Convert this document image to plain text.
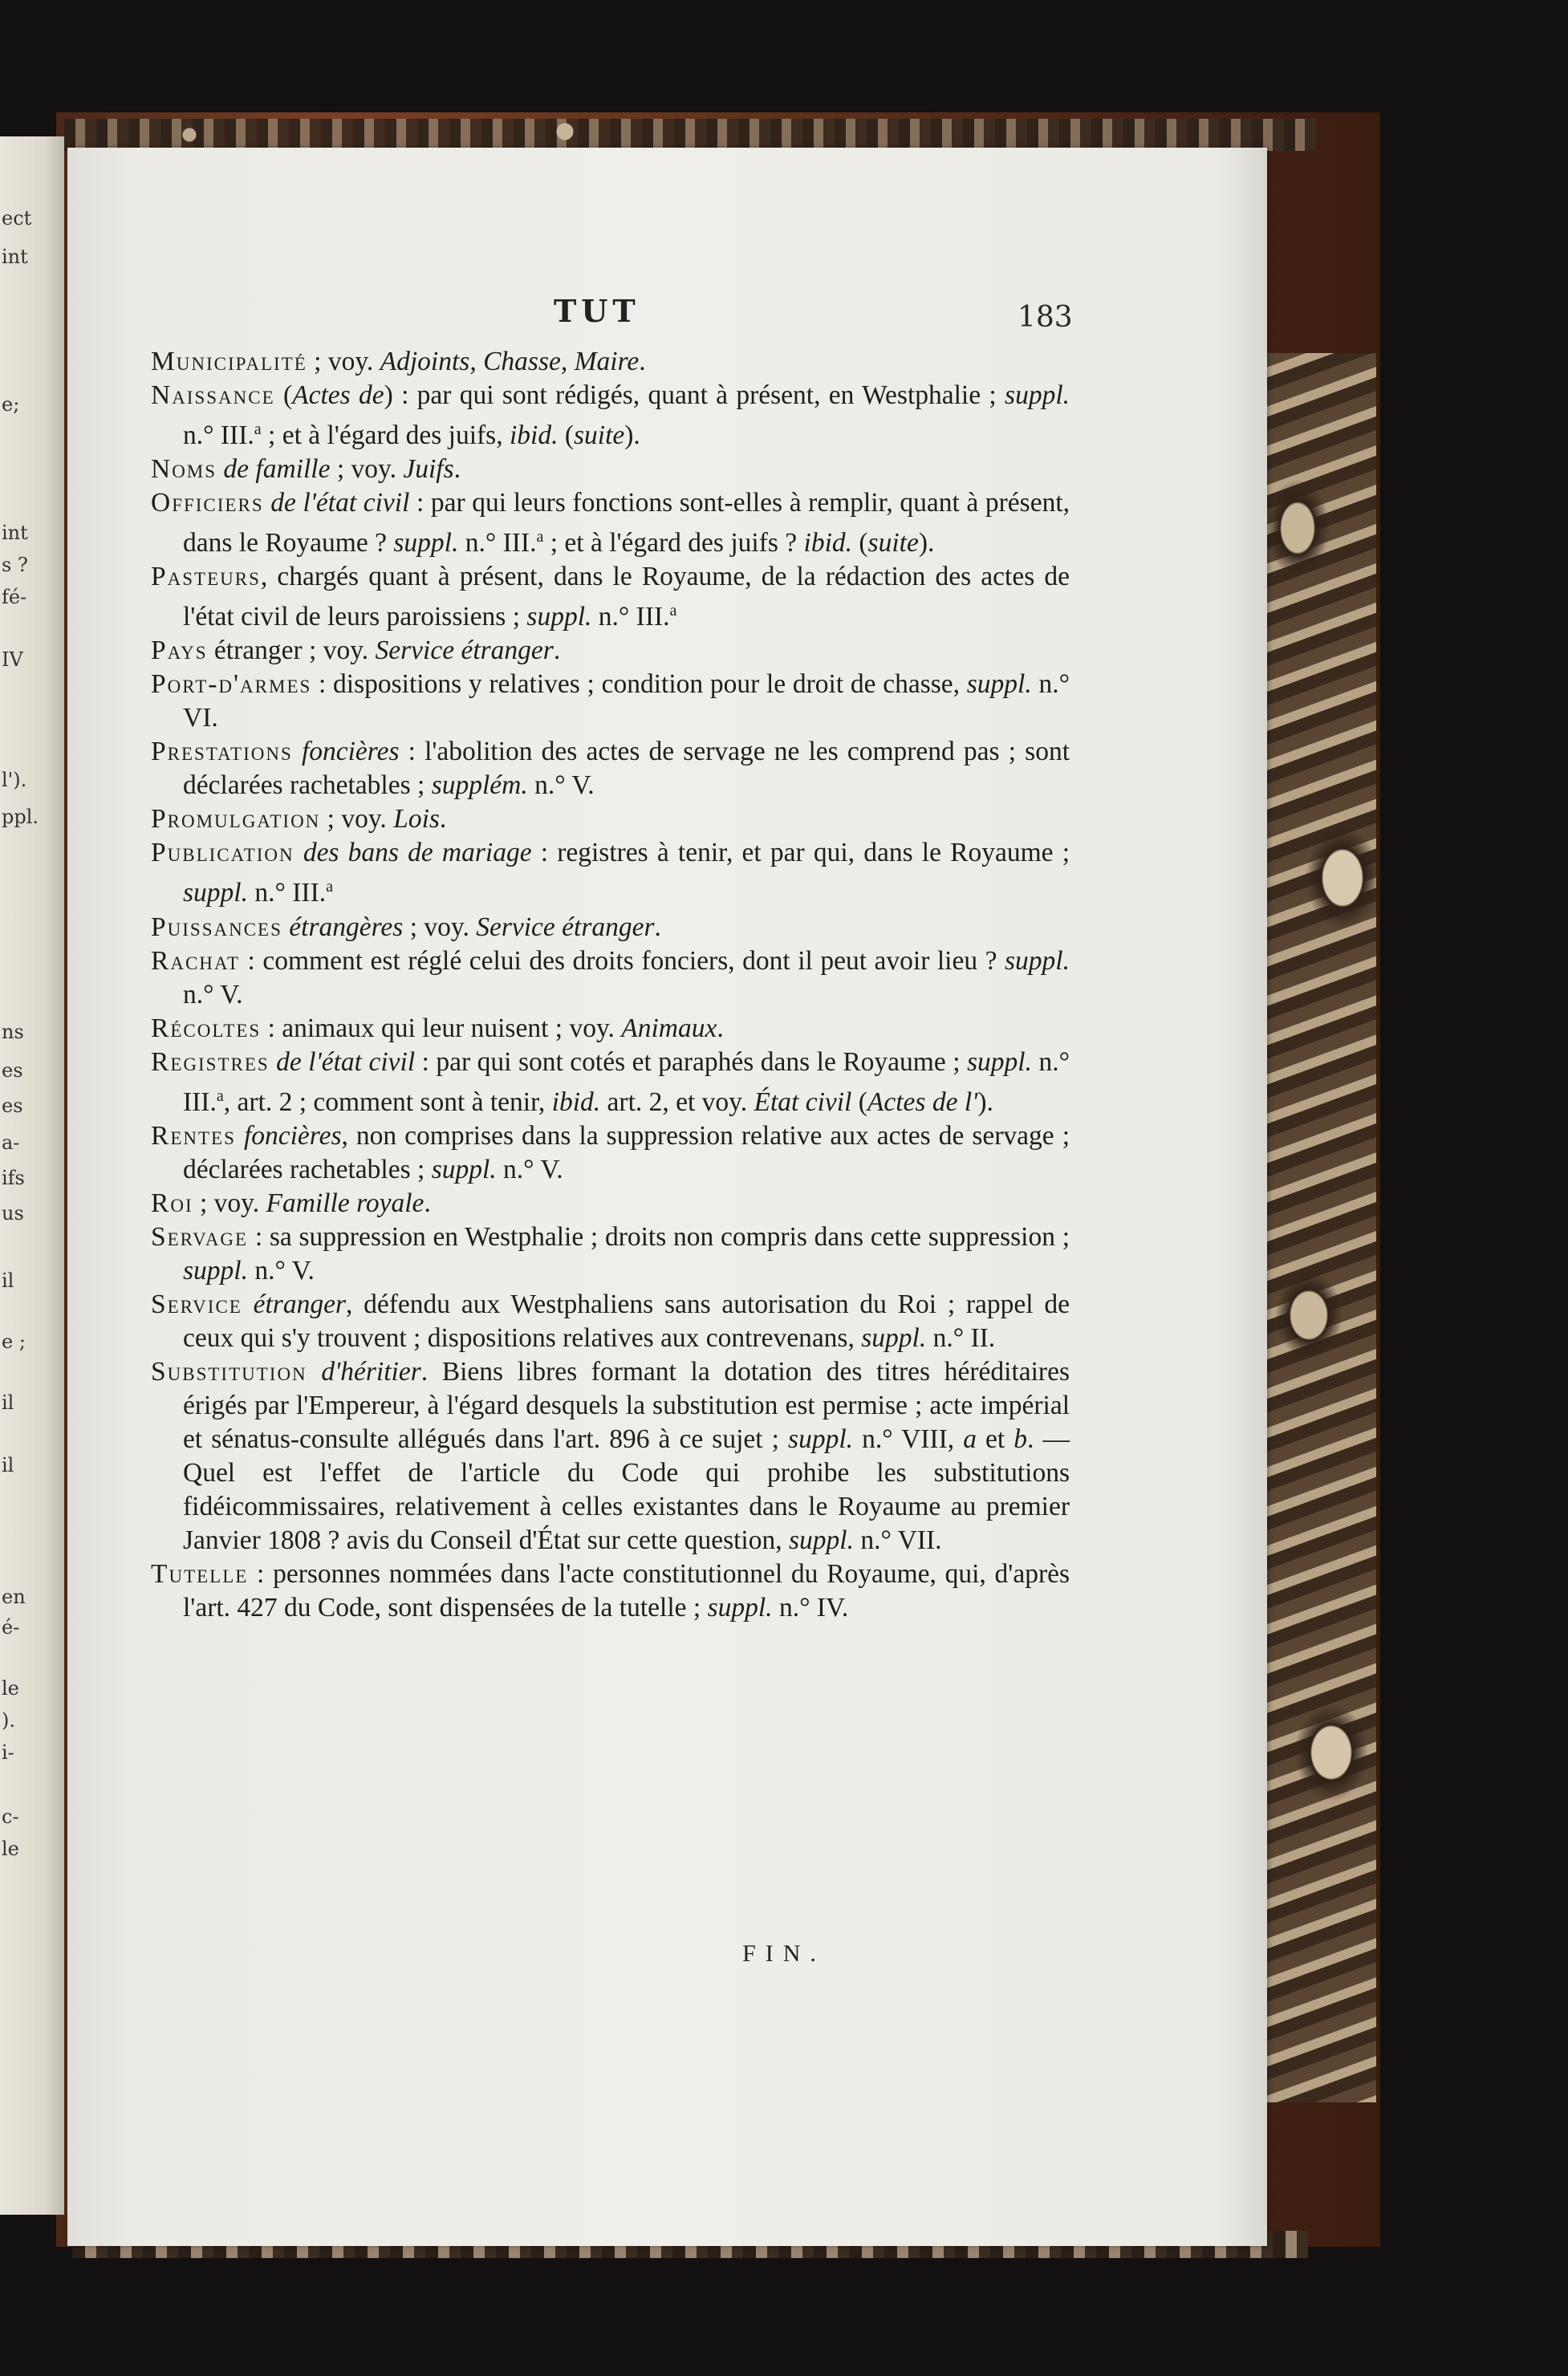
ect
int
e;
int
s ?
fé-
IV
l').
ppl.
ns
es
es
a-
ifs
us
il
e ;
il
il
en
é-
le
).
i-
c-
le
TUT	183

Municipalité ; voy. Adjoints, Chasse, Maire.

Naissance (Actes de) : par qui sont rédigés, quant à présent, en Westphalie ; suppl. n.° III.$^a$ ; et à l'égard des juifs, ibid. (suite).

Noms de famille ; voy. Juifs.

Officiers de l'état civil : par qui leurs fonctions sont-elles à remplir, quant à présent, dans le Royaume ? suppl. n.° III.$^a$ ; et à l'égard des juifs ? ibid. (suite).

Pasteurs, chargés quant à présent, dans le Royaume, de la rédaction des actes de l'état civil de leurs paroissiens ; suppl. n.° III.$^a$

Pays étranger ; voy. Service étranger.

Port-d'armes : dispositions y relatives ; condition pour le droit de chasse, suppl. n.° VI.

Prestations foncières : l'abolition des actes de servage ne les comprend pas ; sont déclarées rachetables ; supplém. n.° V.

Promulgation ; voy. Lois.

Publication des bans de mariage : registres à tenir, et par qui, dans le Royaume ; suppl. n.° III.$^a$

Puissances étrangères ; voy. Service étranger.

Rachat : comment est réglé celui des droits fonciers, dont il peut avoir lieu ? suppl. n.° V.

Récoltes : animaux qui leur nuisent ; voy. Animaux.

Registres de l'état civil : par qui sont cotés et paraphés dans le Royaume ; suppl. n.° III.$^a$, art. 2 ; comment sont à tenir, ibid. art. 2, et voy. État civil (Actes de l').

Rentes foncières, non comprises dans la suppression relative aux actes de servage ; déclarées rachetables ; suppl. n.° V.

Roi ; voy. Famille royale.

Servage : sa suppression en Westphalie ; droits non compris dans cette suppression ; suppl. n.° V.

Service étranger, défendu aux Westphaliens sans autorisation du Roi ; rappel de ceux qui s'y trouvent ; dispositions relatives aux contrevenans, suppl. n.° II.

Substitution d'héritier. Biens libres formant la dotation des titres héréditaires érigés par l'Empereur, à l'égard desquels la substitution est permise ; acte impérial et sénatus-consulte allégués dans l'art. 896 à ce sujet ; suppl. n.° VIII, a et b. — Quel est l'effet de l'article du Code qui prohibe les substitutions fidéicommissaires, relativement à celles existantes dans le Royaume au premier Janvier 1808 ? avis du Conseil d'État sur cette question, suppl. n.° VII.

Tutelle : personnes nommées dans l'acte constitutionnel du Royaume, qui, d'après l'art. 427 du Code, sont dispensées de la tutelle ; suppl. n.° IV.

FIN.
